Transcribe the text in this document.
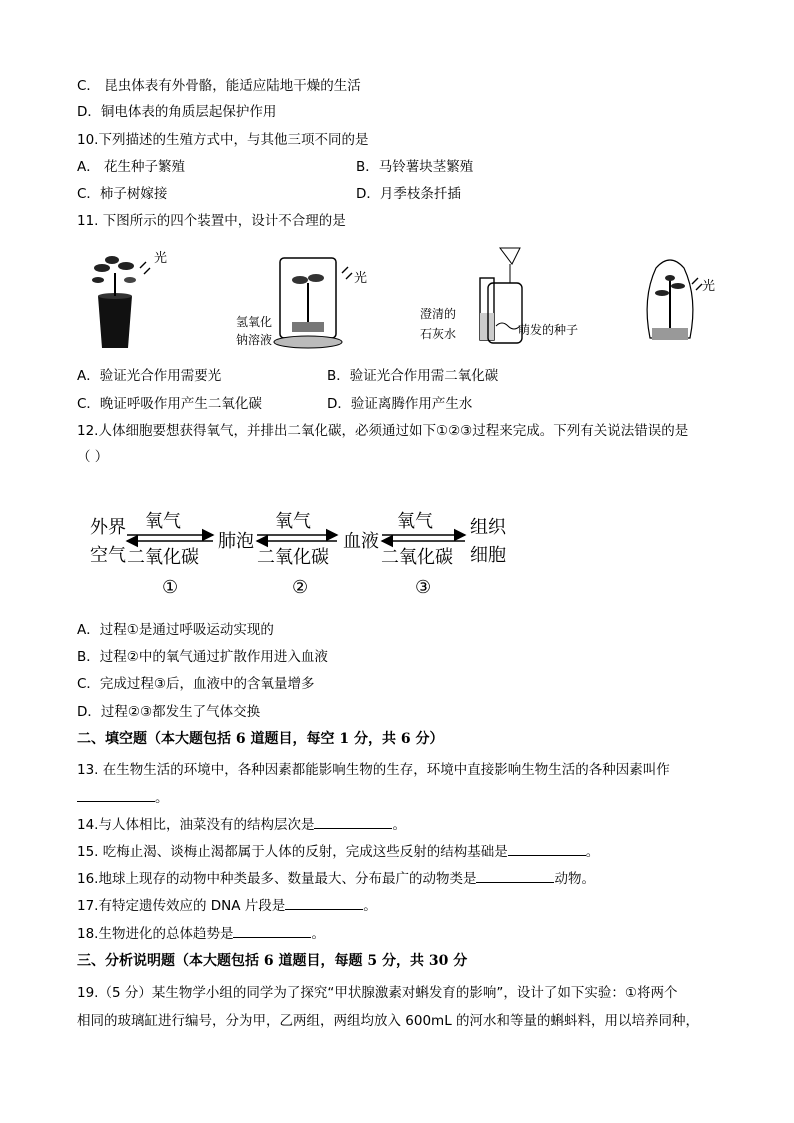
C． 昆虫体表有外骨骼，能适应陆地干燥的生活
D．铜电体表的角质层起保护作用
10.下列描述的生殖方式中，与其他三项不同的是
A． 花生种子繁殖	B．马铃薯块茎繁殖
C．柿子树嫁接	D．月季枝条扦插
11. 下图所示的四个装置中，设计不合理的是
光
光
氢氧化
钠溶液
澄清的
石灰水	萌发的种子
光
A．验证光合作用需要光	B．验证光合作用需二氧化碳
C．晚证呼吸作用产生二氧化碳	D．验证离腾作用产生水
12.人体细胞要想获得氧气，并排出二氧化碳，必须通过如下①②③过程来完成。下列有关说法错误的是
（ ）
外界
空气
肺泡	血液
组织
细胞
氧气	氧气	氧气
二氧化碳	二氧化碳	二氧化碳
①	②	③
A．过程①是通过呼吸运动实现的
B．过程②中的氧气通过扩散作用进入血液
C．完成过程③后，血液中的含氧量增多
D．过程②③都发生了气体交换
二、填空题（本大题包括 6 道题目，每空 1 分，共 6 分）
13. 在生物生活的环境中，各种因素都能影响生物的生存，环境中直接影响生物生活的各种因素叫作
。
14.与人体相比，油菜没有的结构层次是	。
15. 吃梅止渴、谈梅止渴都属于人体的反射，完成这些反射的结构基础是	。
16.地球上现存的动物中种类最多、数量最大、分布最广的动物类是	动物。
17.有特定遗传效应的 DNA 片段是	。
18.生物进化的总体趋势是	。
三、分析说明题（本大题包括 6 道题目，每题 5 分，共 30 分
19.（5 分）某生物学小组的同学为了探究“甲状腺激素对蝌发育的影响”，设计了如下实验：①将两个
相同的玻璃缸进行编号，分为甲，乙两组，两组均放入 600mL 的河水和等量的蝌蚪料，用以培养同种，
